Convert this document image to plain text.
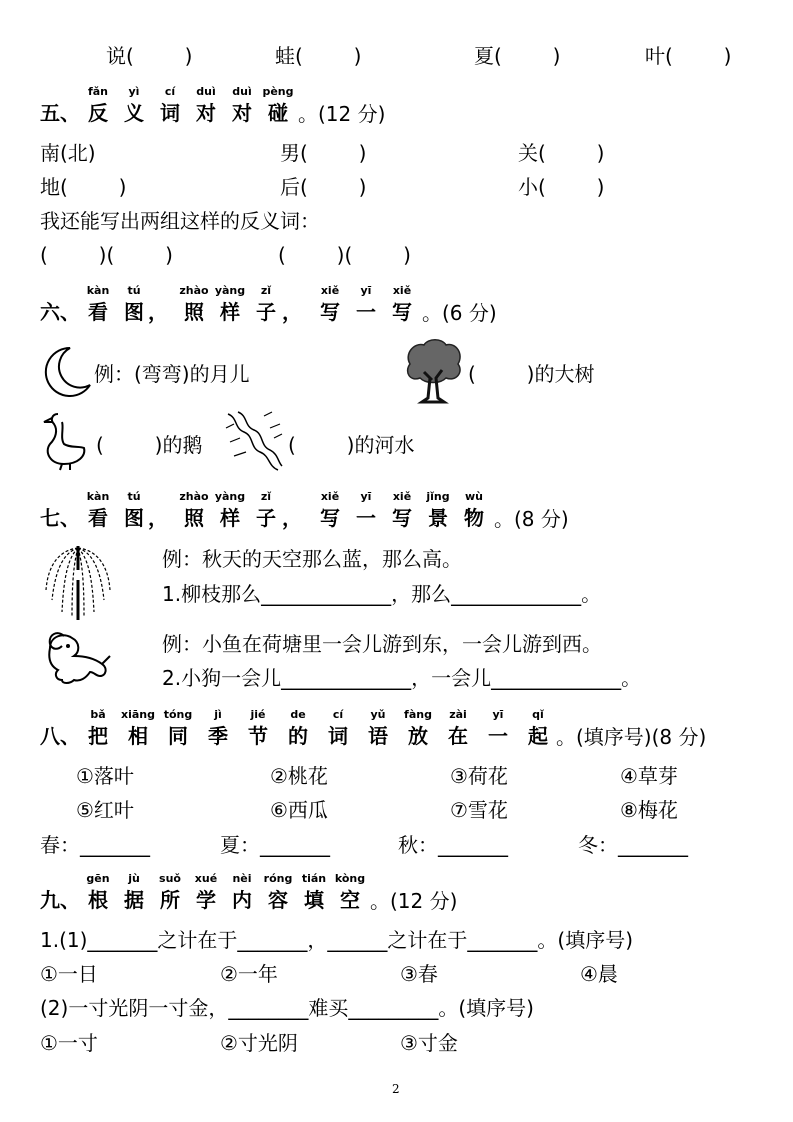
说(        )	蛙(        )	夏(        )	叶(        )
五、
fǎn
反
yì
义
cí
词
duì
对
duì
对
pèng
碰 。(12 分)
南(北)	男(        )	关(        )
地(        )	后(        )	小(        )
我还能写出两组这样的反义词：
(        )(        )	(        )(        )
六、
kàn
看
tú
图 ，
zhào
照
yàng
样
zǐ
子 ，
xiě
写
yī
一
xiě
写 。(6 分)
例：(弯弯)的月儿	(        )的大树
(        )的鹅	(        )的河水
七、
kàn
看
tú
图 ，
zhào
照
yàng
样
zǐ
子 ，
xiě
写
yī
一
xiě
写
jǐng
景
wù
物 。(8 分)
例：秋天的天空那么蓝，那么高。
1.柳枝那么_____________，那么_____________。
例：小鱼在荷塘里一会儿游到东，一会儿游到西。
2.小狗一会儿_____________，一会儿_____________。
八、
bǎ
把
xiāng
相
tóng
同
jì
季
jié
节
de
的
cí
词
yǔ
语
fàng
放
zài
在
yī
一
qǐ
起 。(填序号)(8 分)
①落叶	②桃花	③荷花	④草芽
⑤红叶	⑥西瓜	⑦雪花	⑧梅花
春：_______	夏：_______	秋：_______	冬：_______
九、
gēn
根
jù
据
suǒ
所
xué
学
nèi
内
róng
容
tián
填
kòng
空 。(12 分)
1.(1)_______之计在于_______，______之计在于_______。(填序号)
①一日	②一年	③春	④晨
(2)一寸光阴一寸金，________难买_________。(填序号)
①一寸	②寸光阴	③寸金
2
